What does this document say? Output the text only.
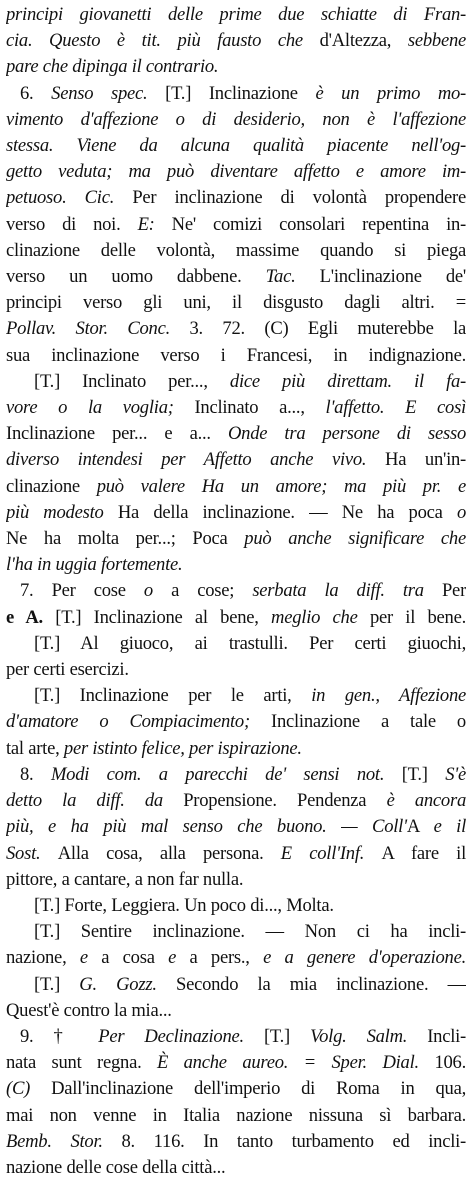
principi giovanetti delle prime due schiatte di Fran-
cia. Questo è tit. più fausto che d'Altezza, sebbene
pare che dipinga il contrario.
6. Senso spec. [T.] Inclinazione è un primo mo-
vimento d'affezione o di desiderio, non è l'affezione
stessa. Viene da alcuna qualità piacente nell'og-
getto veduta; ma può diventare affetto e amore im-
petuoso. Cic. Per inclinazione di volontà propendere
verso di noi. E: Ne' comizi consolari repentina in-
clinazione delle volontà, massime quando si piega
verso un uomo dabbene. Tac. L'inclinazione de'
principi verso gli uni, il disgusto dagli altri. =
Pollav. Stor. Conc. 3. 72. (C) Egli muterebbe la
sua inclinazione verso i Francesi, in indignazione.
[T.] Inclinato per..., dice più direttam. il fa-
vore o la voglia; Inclinato a..., l'affetto. E così
Inclinazione per... e a... Onde tra persone di sesso
diverso intendesi per Affetto anche vivo. Ha un'in-
clinazione può valere Ha un amore; ma più pr. e
più modesto Ha della inclinazione. — Ne ha poca o
Ne ha molta per...; Poca può anche significare che
l'ha in uggia fortemente.
7. Per cose o a cose; serbata la diff. tra Per
e A. [T.] Inclinazione al bene, meglio che per il bene.
[T.] Al giuoco, ai trastulli. Per certi giuochi,
per certi esercizi.
[T.] Inclinazione per le arti, in gen., Affezione
d'amatore o Compiacimento; Inclinazione a tale o
tal arte, per istinto felice, per ispirazione.
8. Modi com. a parecchi de' sensi not. [T.] S'è
detto la diff. da Propensione. Pendenza è ancora
più, e ha più mal senso che buono. — Coll'A e il
Sost. Alla cosa, alla persona. E coll'Inf. A fare il
pittore, a cantare, a non far nulla.
[T.] Forte, Leggiera. Un poco di..., Molta.
[T.] Sentire inclinazione. — Non ci ha incli-
nazione, e a cosa e a pers., e a genere d'operazione.
[T.] G. Gozz. Secondo la mia inclinazione. —
Quest'è contro la mia...
9. † Per Declinazione. [T.] Volg. Salm. Incli-
nata sunt regna. È anche aureo. = Sper. Dial. 106.
(C) Dall'inclinazione dell'imperio di Roma in qua,
mai non venne in Italia nazione nissuna sì barbara.
Bemb. Stor. 8. 116. In tanto turbamento ed incli-
nazione delle cose della città...
